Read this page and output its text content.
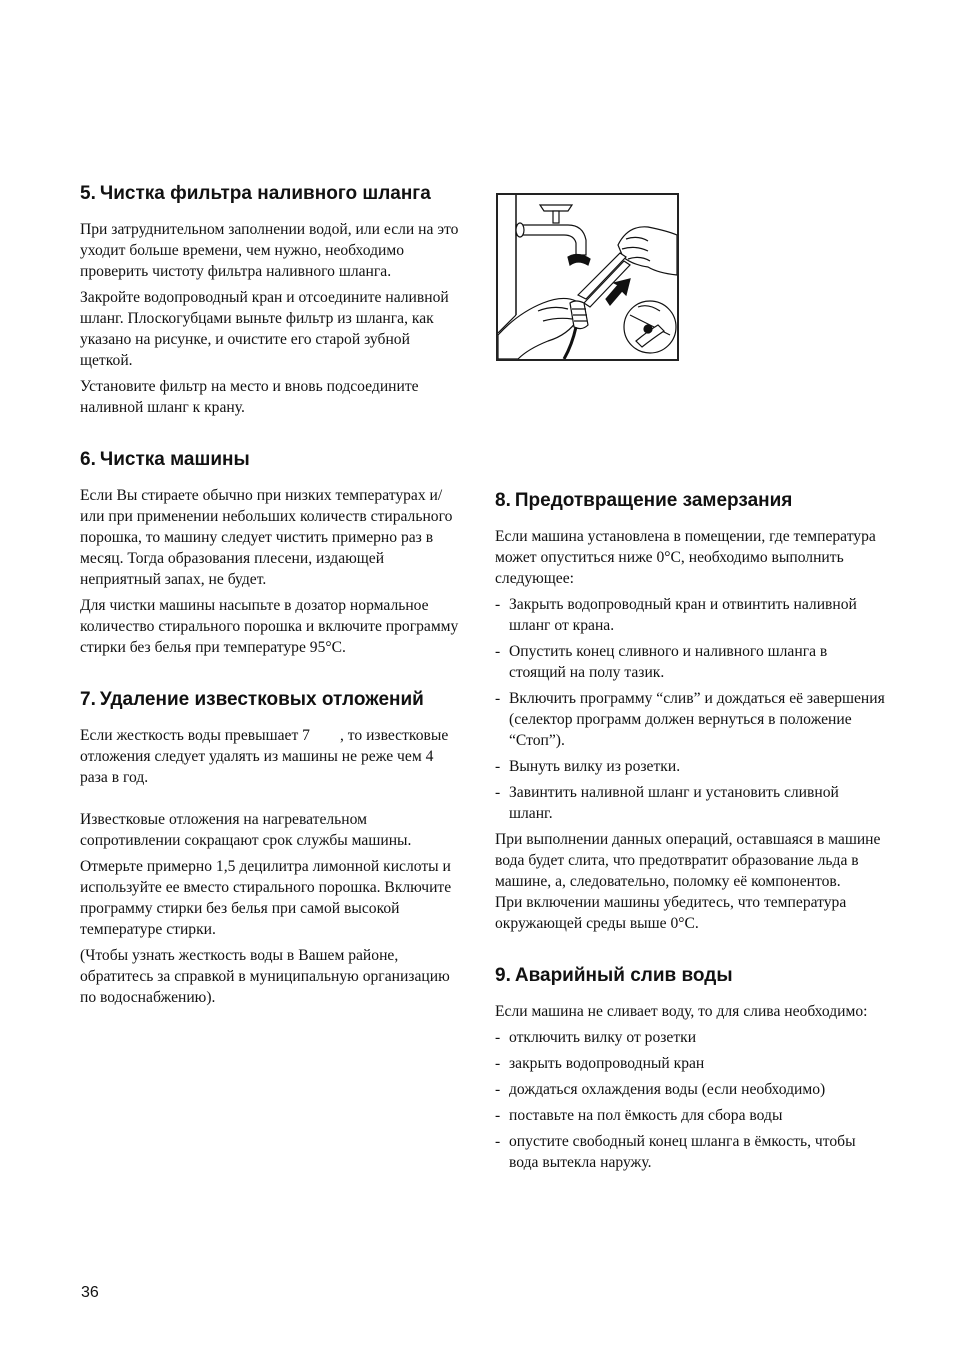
5. Чистка фильтра наливного шланга

При затруднительном заполнении водой, или если на это уходит больше времени, чем нужно, необходимо проверить чистоту фильтра наливного шланга.

Закройте водопроводный кран и отсоедините наливной шланг. Плоскогубцами выньте фильтр из шланга, как указано на рисунке, и очистите его старой зубной щеткой.

Установите фильтр на место и вновь подсоедините наливной шланг к крану.

6. Чистка машины

Если Вы стираете обычно при низких температурах и/или при применении небольших количеств стирального порошка, то машину следует чистить примерно раз в месяц. Тогда образования плесени, издающей неприятный запах, не будет.

Для чистки машины насыпьте в дозатор нормальное количество стирального порошка и включите программу стирки без белья при температуре 95°C.

7. Удаление известковых отложений

Если жесткость воды превышает 7 , то известковые отложения следует удалять из машины не реже чем 4 раза в год.

Известковые отложения на нагревательном сопротивлении сокращают срок службы машины.

Отмерьте примерно 1,5 децилитра лимонной кислоты и используйте ее вместо стирального порошка. Включите программу стирки без белья при самой высокой температуре стирки.

(Чтобы узнать жесткость воды в Вашем районе, обратитесь за справкой в муниципальную организацию по водоснабжению).

8. Предотвращение замерзания

Если машина установлена в помещении, где температура может опуститься ниже 0°C, необходимо выполнить следующее:

- Закрыть водопроводный кран и отвинтить наливной шланг от крана.
- Опустить конец сливного и наливного шланга в стоящий на полу тазик.
- Включить программу “слив” и дождаться её завершения (селектор программ должен вернуться в положение “Стоп”).
- Вынуть вилку из розетки.
- Завинтить наливной шланг и установить сливной шланг.

При выполнении данных операций, оставшаяся в машине вода будет слита, что предотвратит образование льда в машине, а, следовательно, поломку её компонентов.

При включении машины убедитесь, что температура окружающей среды выше 0°C.

9. Аварийный слив воды

Если машина не сливает воду, то для слива необходимо:

- отключить вилку от розетки
- закрыть водопроводный кран
- дождаться охлаждения воды (если необходимо)
- поставьте на пол ёмкость для сбора воды
- опустите свободный конец шланга в ёмкость, чтобы вода вытекла наружу.
36
